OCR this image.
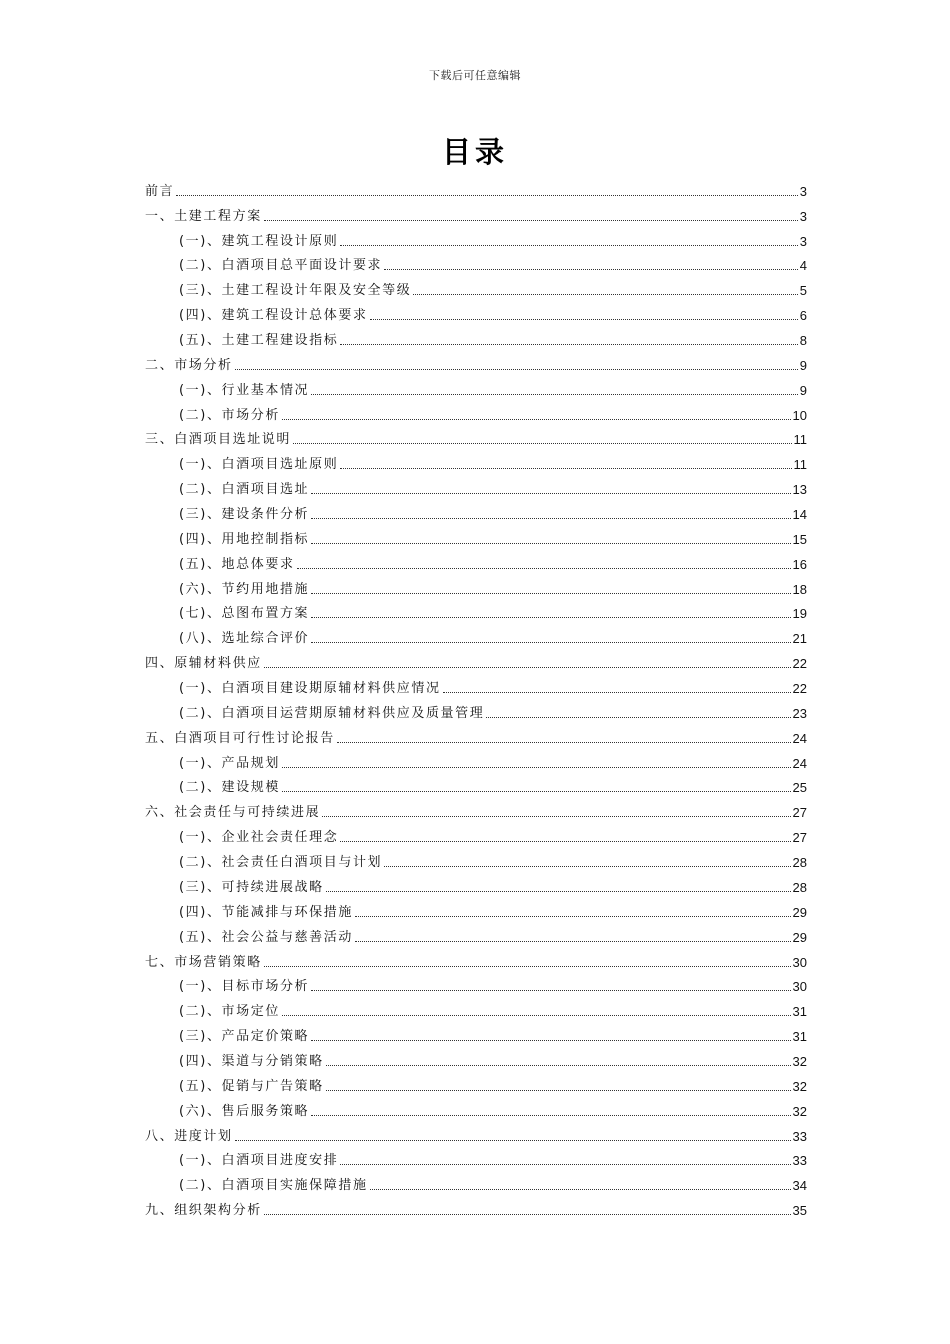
下载后可任意编辑
目录
前言	3
一、土建工程方案	3
(一)、建筑工程设计原则	3
(二)、白酒项目总平面设计要求	4
(三)、土建工程设计年限及安全等级	5
(四)、建筑工程设计总体要求	6
(五)、土建工程建设指标	8
二、市场分析	9
(一)、行业基本情况	9
(二)、市场分析	10
三、白酒项目选址说明	11
(一)、白酒项目选址原则	11
(二)、白酒项目选址	13
(三)、建设条件分析	14
(四)、用地控制指标	15
(五)、地总体要求	16
(六)、节约用地措施	18
(七)、总图布置方案	19
(八)、选址综合评价	21
四、原辅材料供应	22
(一)、白酒项目建设期原辅材料供应情况	22
(二)、白酒项目运营期原辅材料供应及质量管理	23
五、白酒项目可行性讨论报告	24
(一)、产品规划	24
(二)、建设规模	25
六、社会责任与可持续进展	27
(一)、企业社会责任理念	27
(二)、社会责任白酒项目与计划	28
(三)、可持续进展战略	28
(四)、节能减排与环保措施	29
(五)、社会公益与慈善活动	29
七、市场营销策略	30
(一)、目标市场分析	30
(二)、市场定位	31
(三)、产品定价策略	31
(四)、渠道与分销策略	32
(五)、促销与广告策略	32
(六)、售后服务策略	32
八、进度计划	33
(一)、白酒项目进度安排	33
(二)、白酒项目实施保障措施	34
九、组织架构分析	35
